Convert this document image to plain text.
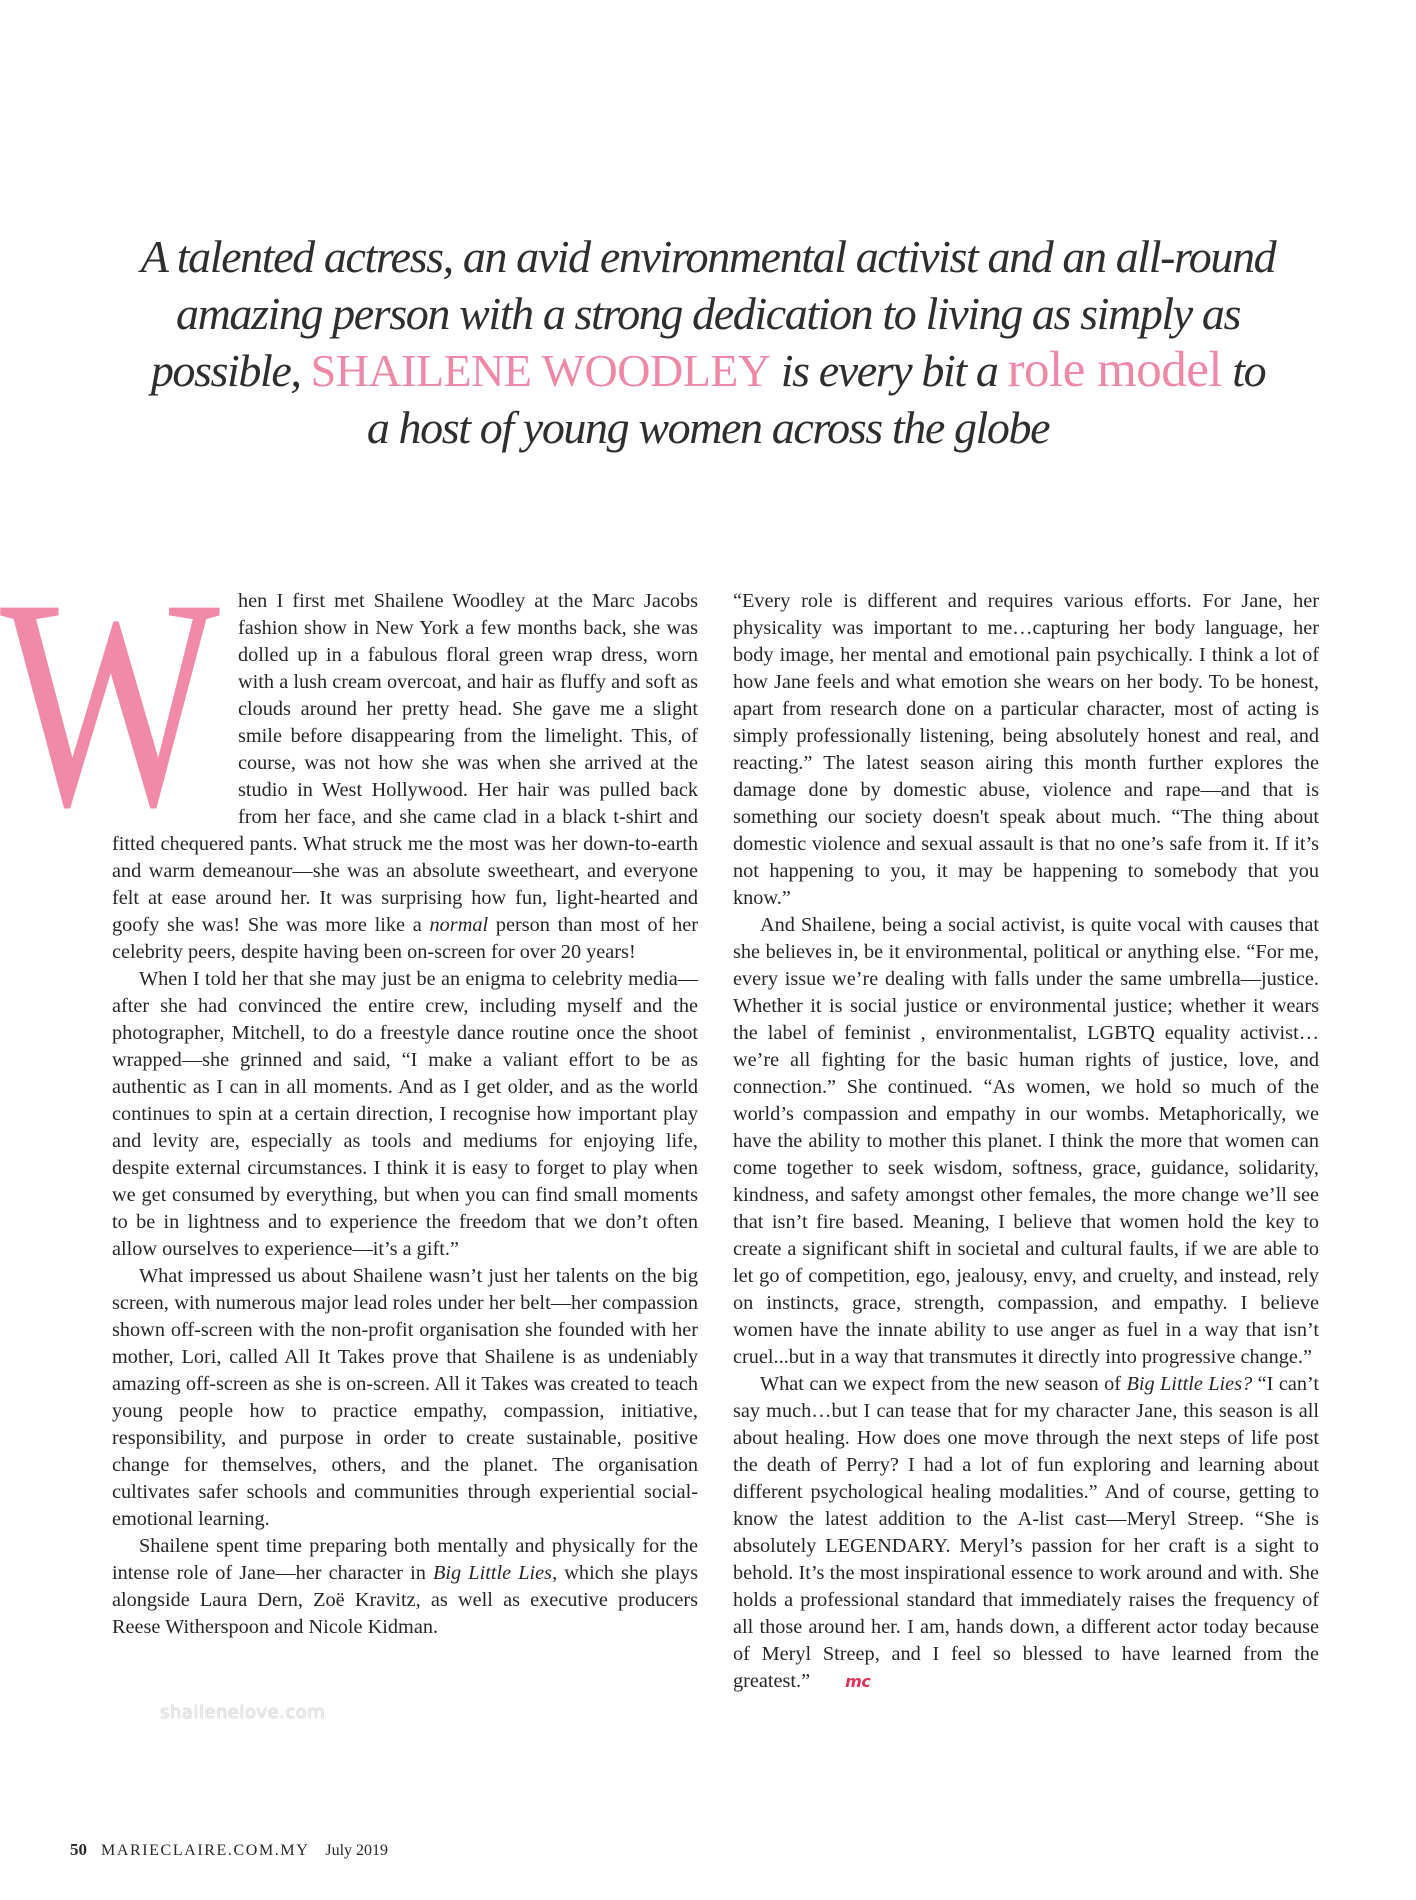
A talented actress, an avid environmental activist and an all-round amazing person with a strong dedication to living as simply as possible, SHAILENE WOODLEY is every bit a role model to a host of young women across the globe
W hen I first met Shailene Woodley at the Marc Jacobs fashion show in New York a few months back, she was dolled up in a fabulous floral green wrap dress, worn with a lush cream overcoat, and hair as fluffy and soft as clouds around her pretty head. She gave me a slight smile before disappearing from the limelight. This, of course, was not how she was when she arrived at the studio in West Hollywood. Her hair was pulled back from her face, and she came clad in a black t-shirt and fitted chequered pants. What struck me the most was her down-to-earth and warm demeanour—she was an absolute sweetheart, and everyone felt at ease around her. It was surprising how fun, light-hearted and goofy she was! She was more like a normal person than most of her celebrity peers, despite having been on-screen for over 20 years!

When I told her that she may just be an enigma to celebrity media—after she had convinced the entire crew, including myself and the photographer, Mitchell, to do a freestyle dance routine once the shoot wrapped—she grinned and said, “I make a valiant effort to be as authentic as I can in all moments. And as I get older, and as the world continues to spin at a certain direction, I recognise how important play and levity are, especially as tools and mediums for enjoying life, despite external circumstances. I think it is easy to forget to play when we get consumed by everything, but when you can find small moments to be in lightness and to experience the freedom that we don’t often allow ourselves to experience—it’s a gift.”

What impressed us about Shailene wasn’t just her talents on the big screen, with numerous major lead roles under her belt—her compassion shown off-screen with the non-profit organisation she founded with her mother, Lori, called All It Takes prove that Shailene is as undeniably amazing off-screen as she is on-screen. All it Takes was created to teach young people how to practice empathy, compassion, initiative, responsibility, and purpose in order to create sustainable, positive change for themselves, others, and the planet. The organisation cultivates safer schools and communities through experiential social-emotional learning.

Shailene spent time preparing both mentally and physically for the intense role of Jane—her character in Big Little Lies, which she plays alongside Laura Dern, Zoë Kravitz, as well as executive producers Reese Witherspoon and Nicole Kidman.

“Every role is different and requires various efforts. For Jane, her physicality was important to me…capturing her body language, her body image, her mental and emotional pain psychically. I think a lot of how Jane feels and what emotion she wears on her body. To be honest, apart from research done on a particular character, most of acting is simply professionally listening, being absolutely honest and real, and reacting.” The latest season airing this month further explores the damage done by domestic abuse, violence and rape—and that is something our society doesn't speak about much. “The thing about domestic violence and sexual assault is that no one’s safe from it. If it’s not happening to you, it may be happening to somebody that you know.”

And Shailene, being a social activist, is quite vocal with causes that she believes in, be it environmental, political or anything else. “For me, every issue we’re dealing with falls under the same umbrella—justice. Whether it is social justice or environmental justice; whether it wears the label of feminist , environmentalist, LGBTQ equality activist…we’re all fighting for the basic human rights of justice, love, and connection.” She continued. “As women, we hold so much of the world’s compassion and empathy in our wombs. Metaphorically, we have the ability to mother this planet. I think the more that women can come together to seek wisdom, softness, grace, guidance, solidarity, kindness, and safety amongst other females, the more change we’ll see that isn’t fire based. Meaning, I believe that women hold the key to create a significant shift in societal and cultural faults, if we are able to let go of competition, ego, jealousy, envy, and cruelty, and instead, rely on instincts, grace, strength, compassion, and empathy. I believe women have the innate ability to use anger as fuel in a way that isn’t cruel...but in a way that transmutes it directly into progressive change.”

What can we expect from the new season of Big Little Lies? “I can’t say much…but I can tease that for my character Jane, this season is all about healing. How does one move through the next steps of life post the death of Perry? I had a lot of fun exploring and learning about different psychological healing modalities.” And of course, getting to know the latest addition to the A-list cast—Meryl Streep. “She is absolutely LEGENDARY. Meryl’s passion for her craft is a sight to behold. It’s the most inspirational essence to work around and with. She holds a professional standard that immediately raises the frequency of all those around her. I am, hands down, a different actor today because of Meryl Streep, and I feel so blessed to have learned from the greatest.” mc

shailenelove.com
50 MARIECLAIRE.COM.MY July 2019
